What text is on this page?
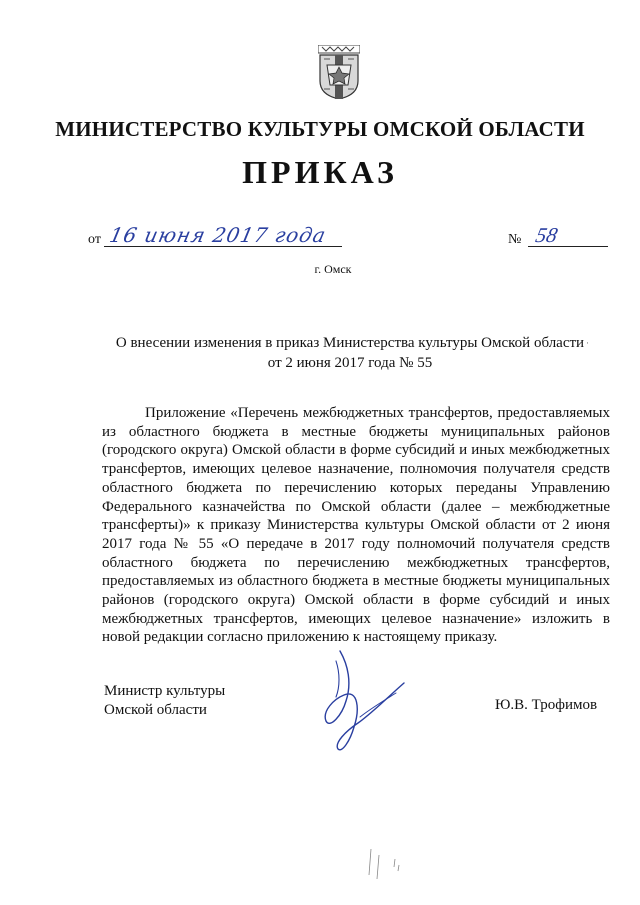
МИНИСТЕРСТВО КУЛЬТУРЫ ОМСКОЙ ОБЛАСТИ
ПРИКАЗ
от 16 июня 2017 года	№ 58
г. Омск
О внесении изменения в приказ Министерства культуры Омской области
от 2 июня 2017 года № 55
·
Приложение «Перечень межбюджетных трансфертов, предоставляемых из областного бюджета в местные бюджеты муниципальных районов (городского округа) Омской области в форме субсидий и иных межбюджетных трансфертов, имеющих целевое назначение, полномочия получателя средств областного бюджета по перечислению которых переданы Управлению Федерального казначейства по Омской области (далее – межбюджетные трансферты)» к приказу Министерства культуры Омской области от 2 июня 2017 года № 55 «О передаче в 2017 году полномочий получателя средств областного бюджета по перечислению межбюджетных трансфертов, предоставляемых из областного бюджета в местные бюджеты муниципальных районов (городского округа) Омской области в форме субсидий и иных межбюджетных трансфертов, имеющих целевое назначение» изложить в новой редакции согласно приложению к настоящему приказу.
Министр культуры
Омской области	Ю.В. Трофимов
